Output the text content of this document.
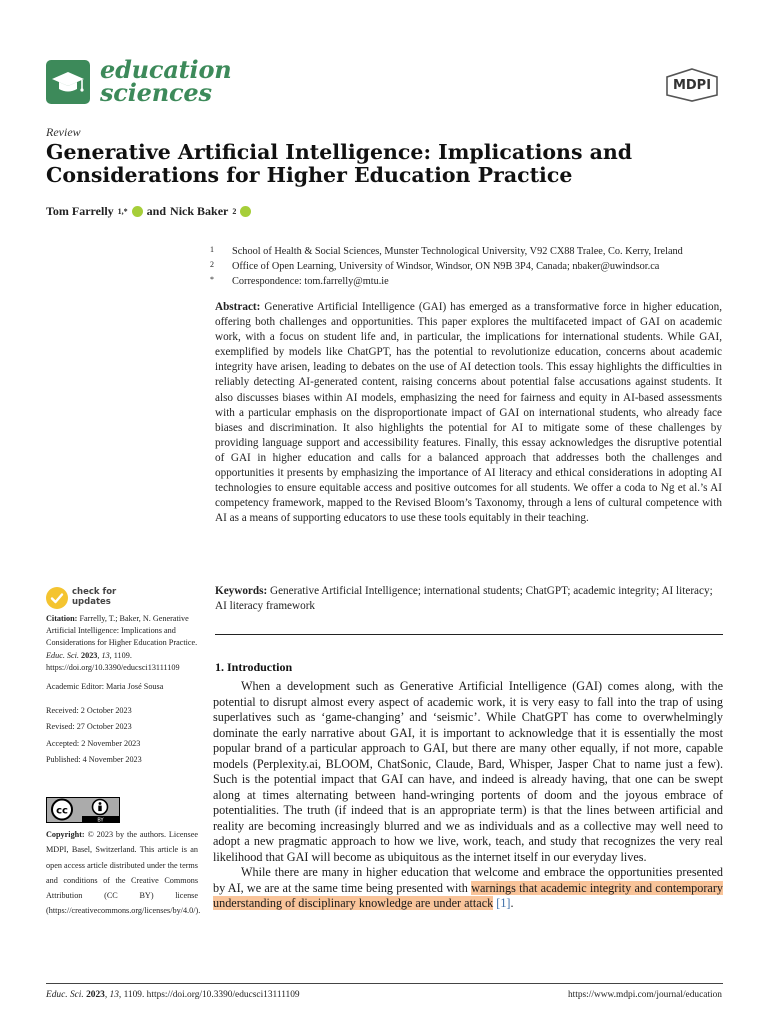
education
sciences	MDPI
Review
Generative Artificial Intelligence: Implications and Considerations for Higher Education Practice
Tom Farrelly 1,* and Nick Baker 2
1	School of Health & Social Sciences, Munster Technological University, V92 CX88 Tralee, Co. Kerry, Ireland
2	Office of Open Learning, University of Windsor, Windsor, ON N9B 3P4, Canada; nbaker@uwindsor.ca
*	Correspondence: tom.farrelly@mtu.ie
Abstract: Generative Artificial Intelligence (GAI) has emerged as a transformative force in higher education, offering both challenges and opportunities. This paper explores the multifaceted impact of GAI on academic work, with a focus on student life and, in particular, the implications for international students. While GAI, exemplified by models like ChatGPT, has the potential to revolutionize education, concerns about academic integrity have arisen, leading to debates on the use of AI detection tools. This essay highlights the difficulties in reliably detecting AI-generated content, raising concerns about potential false accusations against students. It also discusses biases within AI models, emphasizing the need for fairness and equity in AI-based assessments with a particular emphasis on the disproportionate impact of GAI on international students, who already face biases and discrimination. It also highlights the potential for AI to mitigate some of these challenges by providing language support and accessibility features. Finally, this essay acknowledges the disruptive potential of GAI in higher education and calls for a balanced approach that addresses both the challenges and opportunities it presents by emphasizing the importance of AI literacy and ethical considerations in adopting AI technologies to ensure equitable access and positive outcomes for all students. We offer a coda to Ng et al.’s AI competency framework, mapped to the Revised Bloom’s Taxonomy, through a lens of cultural competence with AI as a means of supporting educators to use these tools equitably in their teaching.
Keywords: Generative Artificial Intelligence; international students; ChatGPT; academic integrity; AI literacy; AI literacy framework
check for
updates

Citation: Farrelly, T.; Baker, N. Generative Artificial Intelligence: Implications and Considerations for Higher Education Practice. Educ. Sci. 2023, 13, 1109. https://doi.org/10.3390/educsci13111109

Academic Editor: Maria José Sousa

Received: 2 October 2023
Revised: 27 October 2023
Accepted: 2 November 2023
Published: 4 November 2023
cc
BY
Copyright: © 2023 by the authors. Licensee MDPI, Basel, Switzerland. This article is an open access article distributed under the terms and conditions of the Creative Commons Attribution (CC BY) license (https://creativecommons.org/licenses/by/4.0/).
1. Introduction

When a development such as Generative Artificial Intelligence (GAI) comes along, with the potential to disrupt almost every aspect of academic work, it is very easy to fall into the trap of using superlatives such as ‘game-changing’ and ‘seismic’. While ChatGPT has come to overwhelmingly dominate the early narrative about GAI, it is important to acknowledge that it is essentially the most popular brand of a particular approach to GAI, but there are many other equally, if not more, capable models (Perplexity.ai, BLOOM, ChatSonic, Claude, Bard, Whisper, Jasper Chat to name just a few). Such is the potential impact that GAI can have, and indeed is already having, that one can be swept along at times alternating between hand-wringing portents of doom and the joyous embrace of potentialities. The truth (if indeed that is an appropriate term) is that the lines between artificial and reality are becoming increasingly blurred and we as individuals and as a collective may well need to adopt a new pragmatic approach to how we live, work, teach, and study that recognizes the very real likelihood that GAI will become as ubiquitous as the internet itself in our everyday lives.

While there are many in higher education that welcome and embrace the opportunities presented by AI, we are at the same time being presented with warnings that academic integrity and contemporary understanding of disciplinary knowledge are under attack [1].

Educ. Sci. 2023, 13, 1109. https://doi.org/10.3390/educsci13111109	https://www.mdpi.com/journal/education
